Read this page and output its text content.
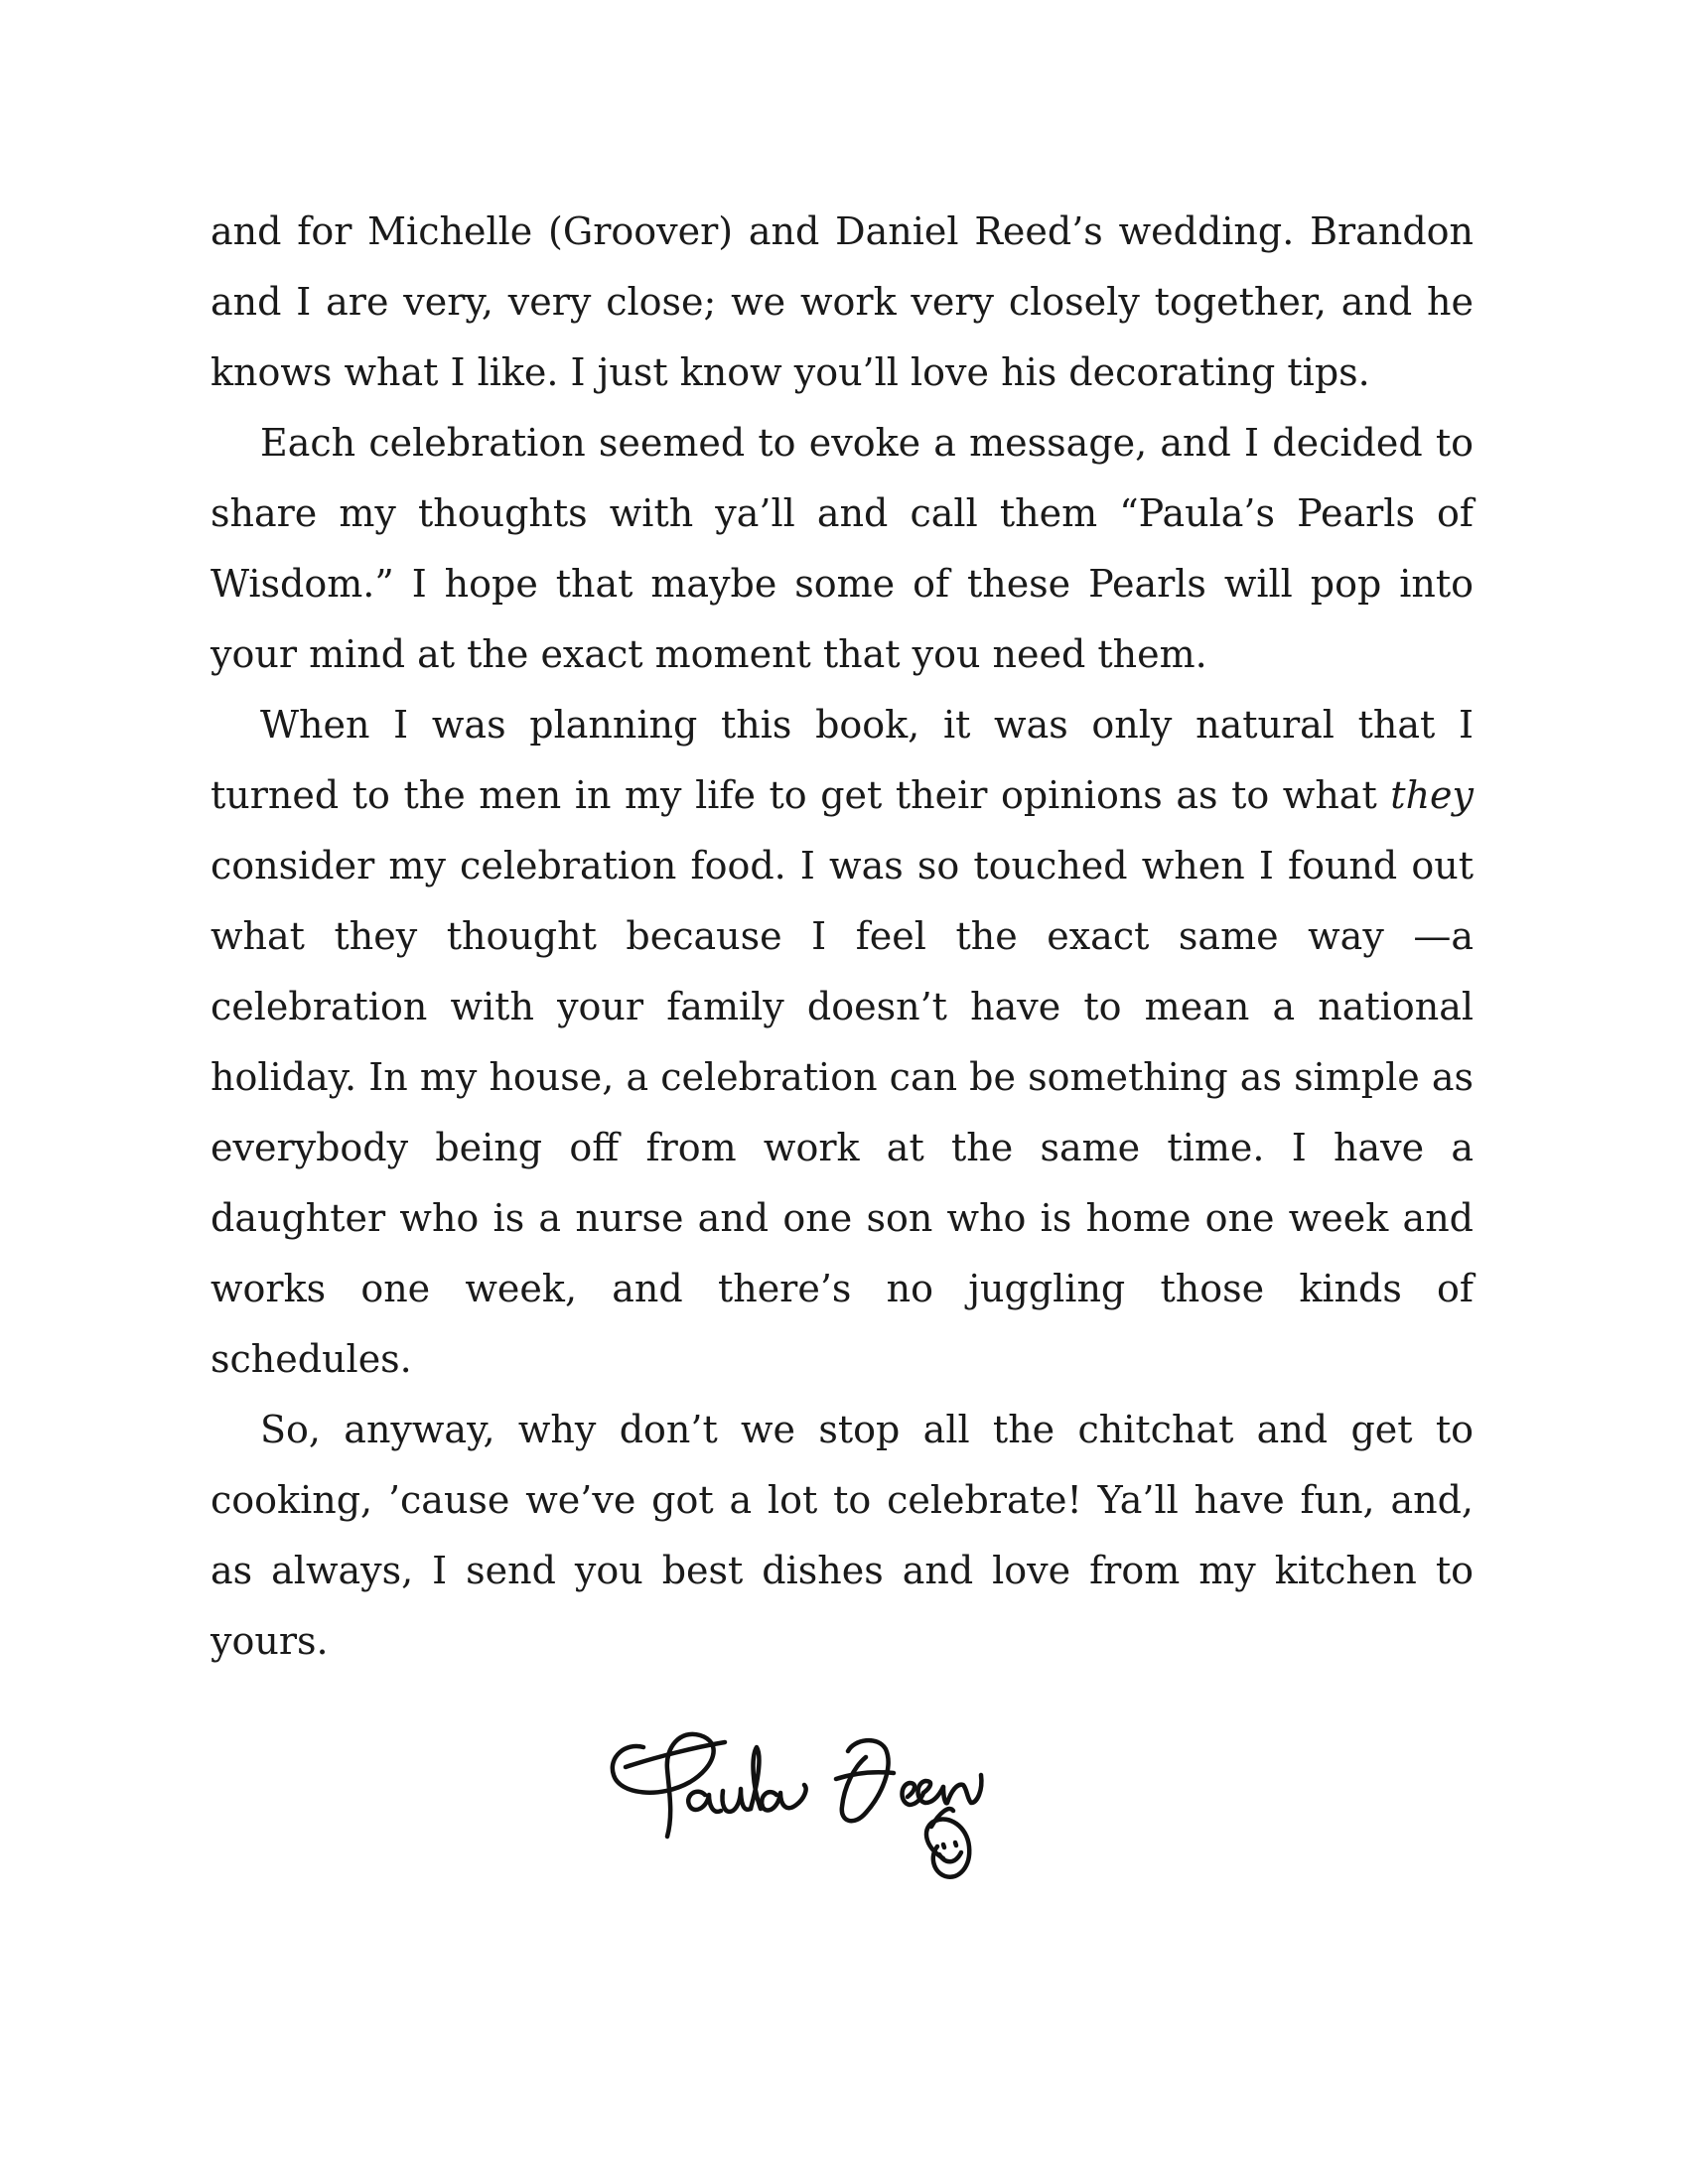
and for Michelle (Groover) and Daniel Reed’s wedding. Brandon and I are very, very close; we work very closely together, and he knows what I like. I just know you’ll love his decorating tips.

Each celebration seemed to evoke a message, and I decided to share my thoughts with ya’ll and call them “Paula’s Pearls of Wisdom.” I hope that maybe some of these Pearls will pop into your mind at the exact moment that you need them.

When I was planning this book, it was only natural that I turned to the men in my life to get their opinions as to what they consider my celebration food. I was so touched when I found out what they thought because I feel the exact same way —a celebration with your family doesn’t have to mean a national holiday. In my house, a celebration can be something as simple as everybody being off from work at the same time. I have a daughter who is a nurse and one son who is home one week and works one week, and there’s no juggling those kinds of schedules.

So, anyway, why don’t we stop all the chitchat and get to cooking, ’cause we’ve got a lot to celebrate! Ya’ll have fun, and, as always, I send you best dishes and love from my kitchen to yours.
